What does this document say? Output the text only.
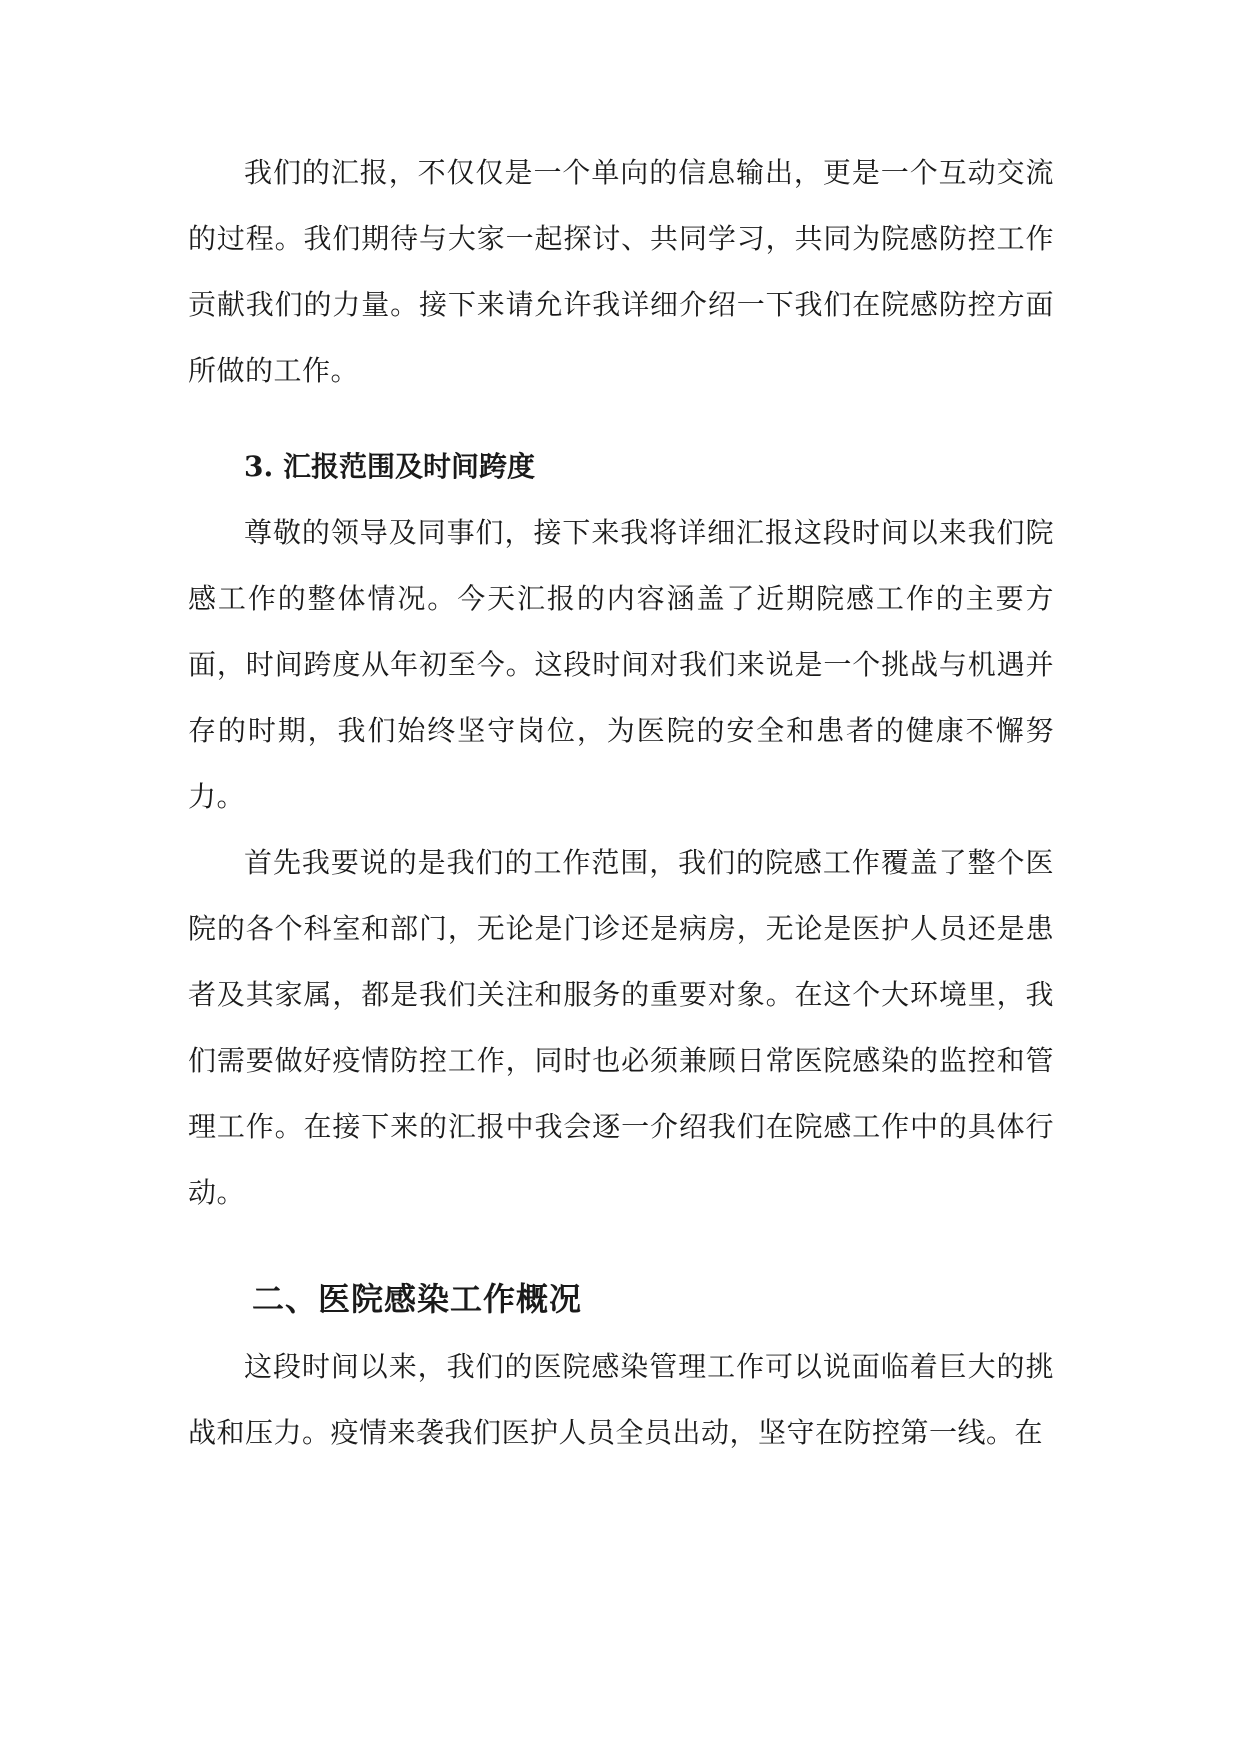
我们的汇报，不仅仅是一个单向的信息输出，更是一个互动交流的过程。我们期待与大家一起探讨、共同学习，共同为院感防控工作贡献我们的力量。接下来请允许我详细介绍一下我们在院感防控方面所做的工作。

3. 汇报范围及时间跨度

尊敬的领导及同事们，接下来我将详细汇报这段时间以来我们院感工作的整体情况。今天汇报的内容涵盖了近期院感工作的主要方面，时间跨度从年初至今。这段时间对我们来说是一个挑战与机遇并存的时期，我们始终坚守岗位，为医院的安全和患者的健康不懈努力。

首先我要说的是我们的工作范围，我们的院感工作覆盖了整个医院的各个科室和部门，无论是门诊还是病房，无论是医护人员还是患者及其家属，都是我们关注和服务的重要对象。在这个大环境里，我们需要做好疫情防控工作，同时也必须兼顾日常医院感染的监控和管理工作。在接下来的汇报中我会逐一介绍我们在院感工作中的具体行动。

二、医院感染工作概况

这段时间以来，我们的医院感染管理工作可以说面临着巨大的挑战和压力。疫情来袭我们医护人员全员出动，坚守在防控第一线。在
